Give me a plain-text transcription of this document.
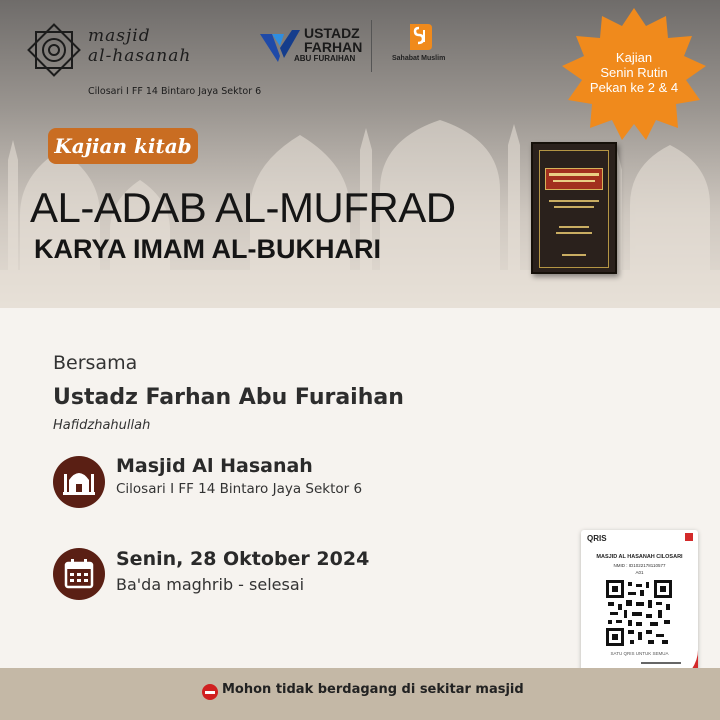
masjid
al-hasanah
Cilosari I FF 14 Bintaro Jaya Sektor 6
USTADZ
FARHAN
ABU FURAIHAN	Sahabat Muslim	Kajian
Senin Rutin
Pekan ke 2 & 4
Kajian kitab
AL-ADAB AL-MUFRAD
KARYA IMAM AL-BUKHARI
Bersama
Ustadz Farhan Abu Furaihan
Hafidzhahullah
Masjid Al Hasanah
Cilosari I FF 14 Bintaro Jaya Sektor 6
Senin, 28 Oktober 2024
Ba'da maghrib - selesai
QRIS
MASJID AL HASANAH CILOSARI
NMID : ID1022178110577
A01
SATU QRIS UNTUK SEMUA
Mohon tidak berdagang di sekitar masjid
